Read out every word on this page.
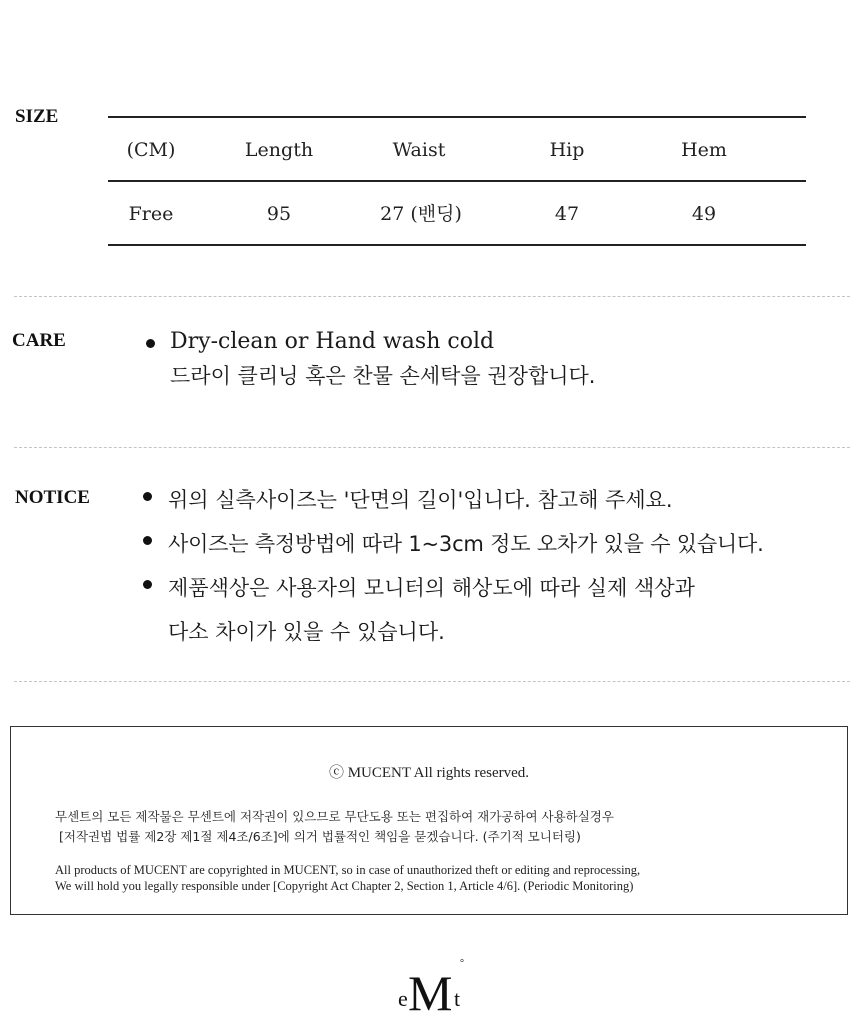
SIZE
(CM)	Length	Waist	Hip	Hem
Free	95	27 (밴딩)	47	49
CARE	Dry-clean or Hand wash cold
드라이 클리닝 혹은 찬물 손세탁을 권장합니다.
NOTICE	위의 실측사이즈는 '단면의 길이'입니다. 참고해 주세요.
사이즈는 측정방법에 따라 1~3cm 정도 오차가 있을 수 있습니다.
제품색상은 사용자의 모니터의 해상도에 따라 실제 색상과
다소 차이가 있을 수 있습니다.
ⓒ MUCENT All rights reserved.
무센트의 모든 제작물은 무센트에 저작권이 있으므로 무단도용 또는 편집하여 재가공하여 사용하실경우
[저작권법 법률 제2장 제1절 제4조/6조]에 의거 법률적인 책임을 묻겠습니다. (주기적 모니터링)
All products of MUCENT are copyrighted in MUCENT, so in case of unauthorized theft or editing and reprocessing,
We will hold you legally responsible under [Copyright Act Chapter 2, Section 1, Article 4/6]. (Periodic Monitoring)
e M t
°
